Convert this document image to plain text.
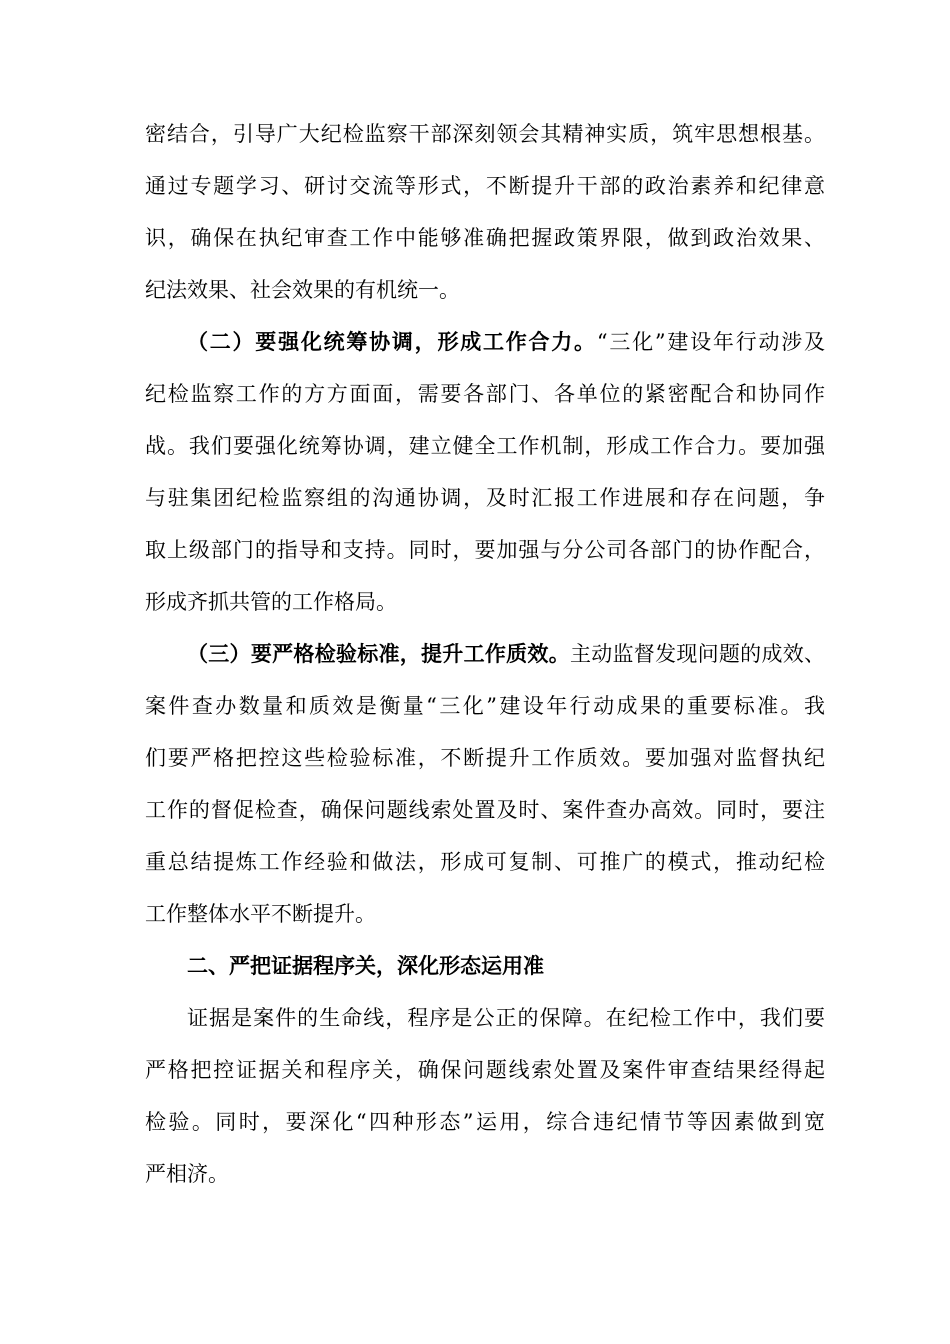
密结合，引导广大纪检监察干部深刻领会其精神实质，筑牢思想根基。
通过专题学习、研讨交流等形式，不断提升干部的政治素养和纪律意
识，确保在执纪审查工作中能够准确把握政策界限，做到政治效果、
纪法效果、社会效果的有机统一。
（二）要强化统筹协调，形成工作合力。“三化”建设年行动涉及
纪检监察工作的方方面面，需要各部门、各单位的紧密配合和协同作
战。我们要强化统筹协调，建立健全工作机制，形成工作合力。要加强
与驻集团纪检监察组的沟通协调，及时汇报工作进展和存在问题，争
取上级部门的指导和支持。同时，要加强与分公司各部门的协作配合，
形成齐抓共管的工作格局。
（三）要严格检验标准，提升工作质效。主动监督发现问题的成效、
案件查办数量和质效是衡量“三化”建设年行动成果的重要标准。我
们要严格把控这些检验标准，不断提升工作质效。要加强对监督执纪
工作的督促检查，确保问题线索处置及时、案件查办高效。同时，要注
重总结提炼工作经验和做法，形成可复制、可推广的模式，推动纪检
工作整体水平不断提升。
二、严把证据程序关，深化形态运用准
证据是案件的生命线，程序是公正的保障。在纪检工作中，我们要
严格把控证据关和程序关，确保问题线索处置及案件审查结果经得起
检验。同时，要深化“四种形态”运用，综合违纪情节等因素做到宽
严相济。
